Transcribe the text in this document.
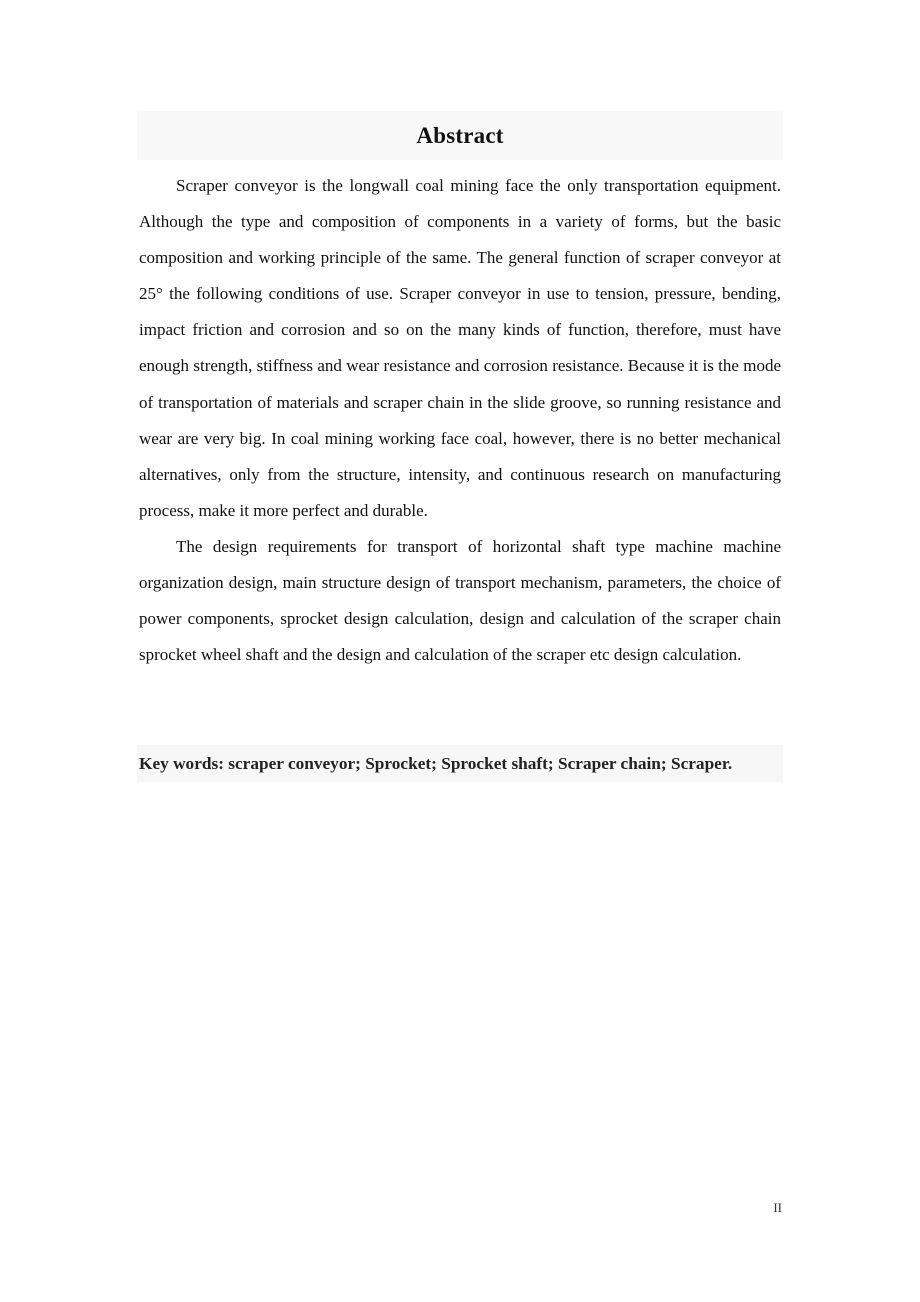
Abstract

Scraper conveyor is the longwall coal mining face the only transportation equipment. Although the type and composition of components in a variety of forms, but the basic composition and working principle of the same. The general function of scraper conveyor at 25° the following conditions of use. Scraper conveyor in use to tension, pressure, bending, impact friction and corrosion and so on the many kinds of function, therefore, must have enough strength, stiffness and wear resistance and corrosion resistance. Because it is the mode of transportation of materials and scraper chain in the slide groove, so running resistance and wear are very big. In coal mining working face coal, however, there is no better mechanical alternatives, only from the structure, intensity, and continuous research on manufacturing process, make it more perfect and durable.

The design requirements for transport of horizontal shaft type machine machine organization design, main structure design of transport mechanism, parameters, the choice of power components, sprocket design calculation, design and calculation of the scraper chain sprocket wheel shaft and the design and calculation of the scraper etc design calculation.

Key words: scraper conveyor; Sprocket; Sprocket shaft; Scraper chain; Scraper.

II
